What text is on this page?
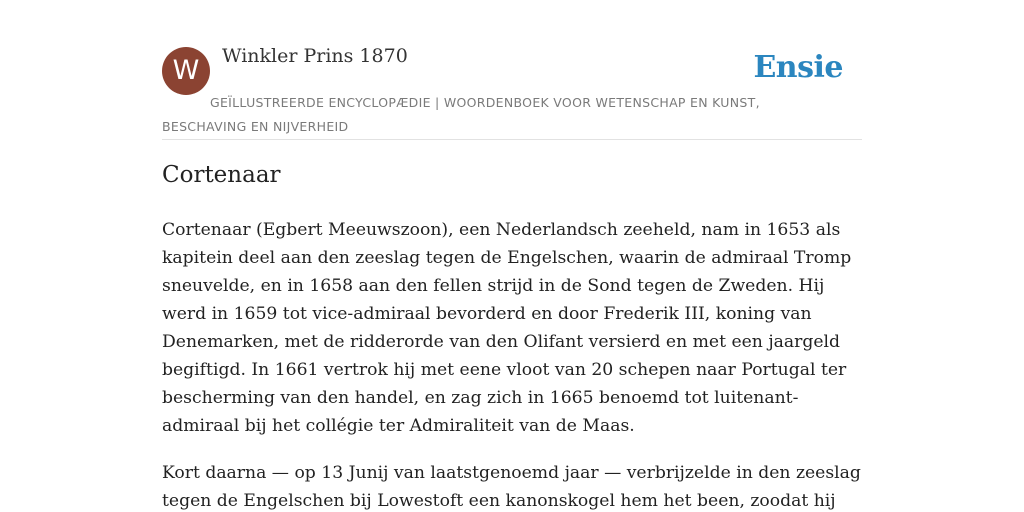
W	Winkler Prins 1870	Ensie
GEÏLLUSTREERDE ENCYCLOPÆDIE | WOORDENBOEK VOOR WETENSCHAP EN KUNST, BESCHAVING EN NIJVERHEID
Cortenaar

Cortenaar (Egbert Meeuwszoon), een Nederlandsch zeeheld, nam in 1653 als kapitein deel aan den zeeslag tegen de Engelschen, waarin de admiraal Tromp sneuvelde, en in 1658 aan den fellen strijd in de Sond tegen de Zweden. Hij werd in 1659 tot vice-admiraal bevorderd en door Frederik III, koning van Denemarken, met de ridderorde van den Olifant versierd en met een jaargeld begiftigd. In 1661 vertrok hij met eene vloot van 20 schepen naar Portugal ter bescherming van den handel, en zag zich in 1665 benoemd tot luitenant-admiraal bij het collégie ter Admiraliteit van de Maas.

Kort daarna — op 13 Junij van laatstgenoemd jaar — verbrijzelde in den zeeslag tegen de Engelschen bij Lowestoft een kanonskogel hem het been, zoodat hij
